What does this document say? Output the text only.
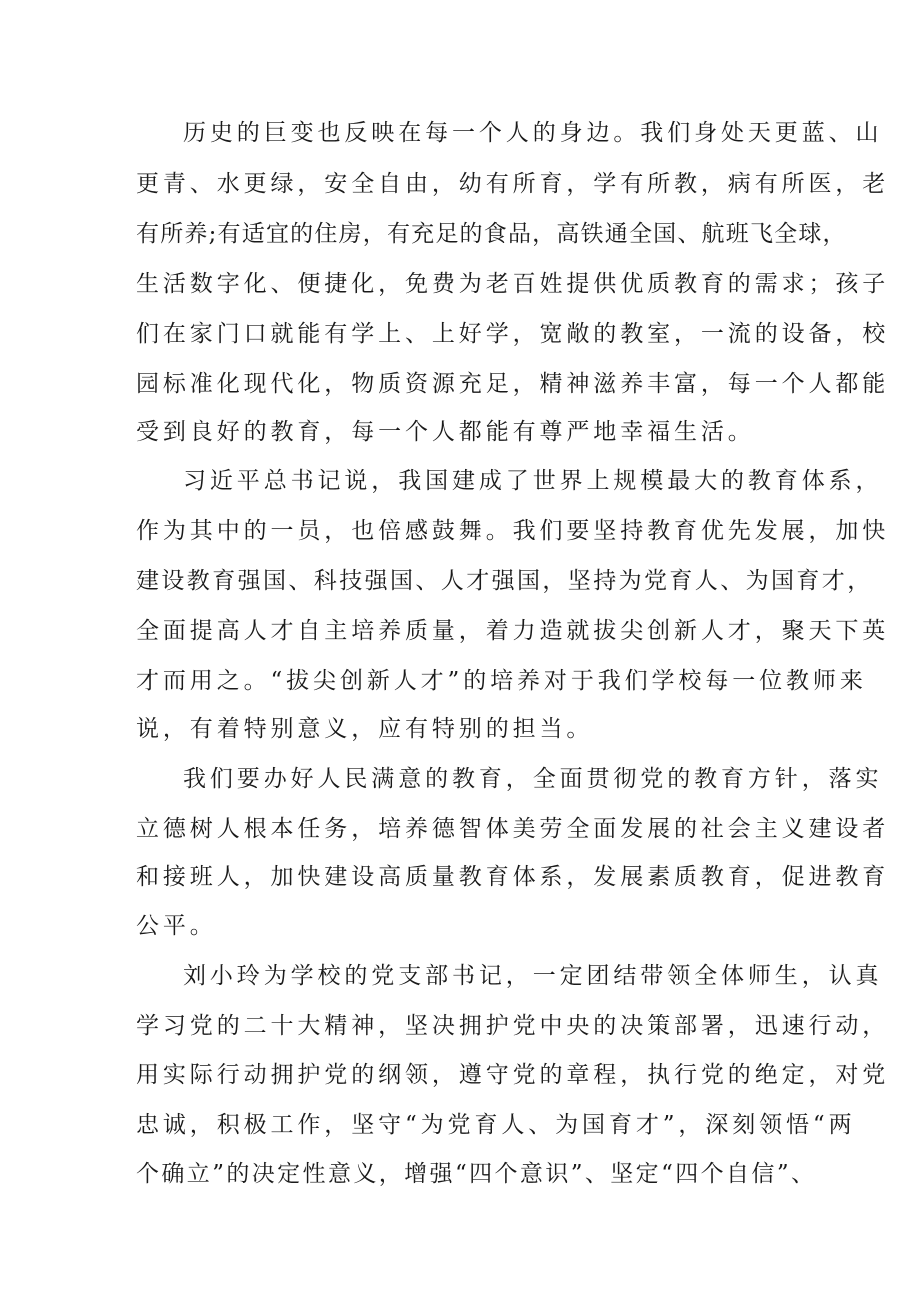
历史的巨变也反映在每一个人的身边。我们身处天更蓝、山
更青、水更绿，安全自由，幼有所育，学有所教，病有所医，老
有所养;有适宜的住房，有充足的食品，高铁通全国、航班飞全球，
生活数字化、便捷化，免费为老百姓提供优质教育的需求；孩子
们在家门口就能有学上、上好学，宽敞的教室，一流的设备，校
园标准化现代化，物质资源充足，精神滋养丰富，每一个人都能
受到良好的教育，每一个人都能有尊严地幸福生活。
习近平总书记说，我国建成了世界上规模最大的教育体系，
作为其中的一员，也倍感鼓舞。我们要坚持教育优先发展，加快
建设教育强国、科技强国、人才强国，坚持为党育人、为国育才，
全面提高人才自主培养质量，着力造就拔尖创新人才，聚天下英
才而用之。“拔尖创新人才”的培养对于我们学校每一位教师来
说，有着特别意义，应有特别的担当。
我们要办好人民满意的教育，全面贯彻党的教育方针，落实
立德树人根本任务，培养德智体美劳全面发展的社会主义建设者
和接班人，加快建设高质量教育体系，发展素质教育，促进教育
公平。
刘小玲为学校的党支部书记，一定团结带领全体师生，认真
学习党的二十大精神，坚决拥护党中央的决策部署，迅速行动，
用实际行动拥护党的纲领，遵守党的章程，执行党的绝定，对党
忠诚，积极工作，坚守“为党育人、为国育才”，深刻领悟“两
个确立”的决定性意义，增强“四个意识”、坚定“四个自信”、
